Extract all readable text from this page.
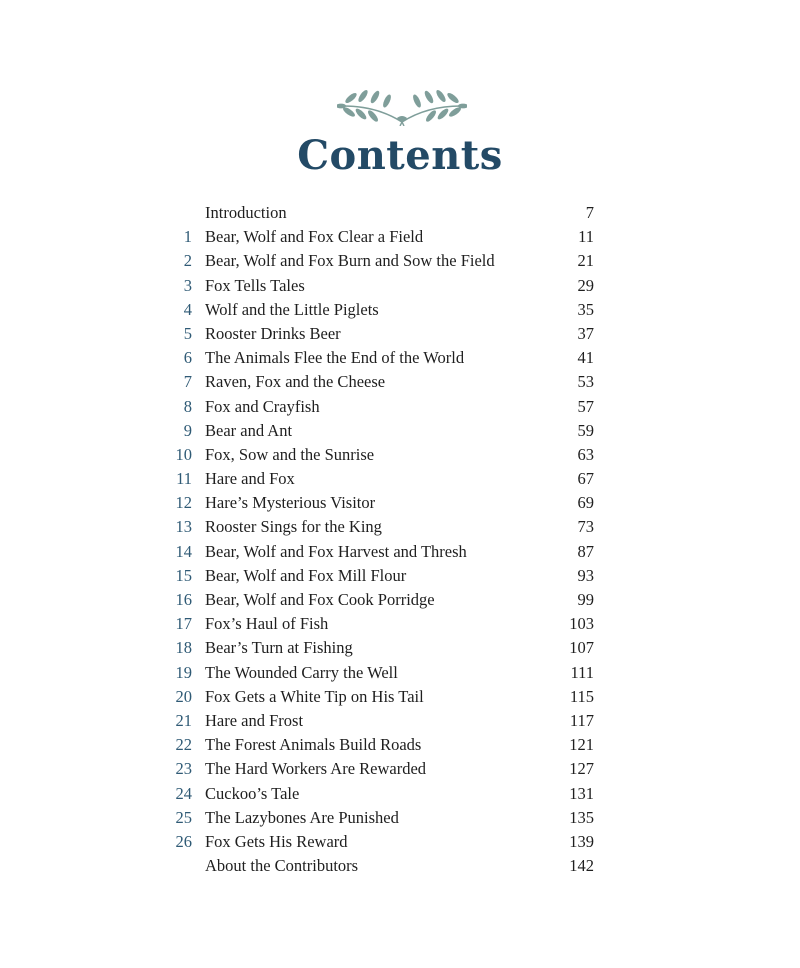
Contents
Introduction	7
1 Bear, Wolf and Fox Clear a Field	11
2 Bear, Wolf and Fox Burn and Sow the Field	21
3 Fox Tells Tales	29
4 Wolf and the Little Piglets	35
5 Rooster Drinks Beer	37
6 The Animals Flee the End of the World	41
7 Raven, Fox and the Cheese	53
8 Fox and Crayfish	57
9 Bear and Ant	59
10 Fox, Sow and the Sunrise	63
11 Hare and Fox	67
12 Hare’s Mysterious Visitor	69
13 Rooster Sings for the King	73
14 Bear, Wolf and Fox Harvest and Thresh	87
15 Bear, Wolf and Fox Mill Flour	93
16 Bear, Wolf and Fox Cook Porridge	99
17 Fox’s Haul of Fish	103
18 Bear’s Turn at Fishing	107
19 The Wounded Carry the Well	111
20 Fox Gets a White Tip on His Tail	115
21 Hare and Frost	117
22 The Forest Animals Build Roads	121
23 The Hard Workers Are Rewarded	127
24 Cuckoo’s Tale	131
25 The Lazybones Are Punished	135
26 Fox Gets His Reward	139
About the Contributors	142
